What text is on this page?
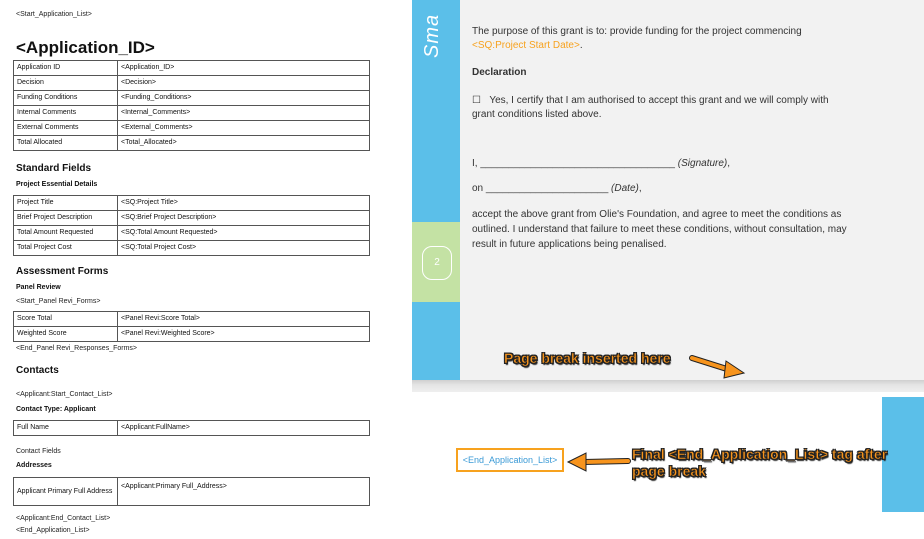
<Start_Application_List>
<Application_ID>
Application ID	<Application_ID>
Decision	<Decision>
Funding Conditions	<Funding_Conditions>
Internal Comments	<Internal_Comments>
External Comments	<External_Comments>
Total Allocated	<Total_Allocated>
Standard Fields
Project Essential Details
Project Title	<SQ:Project Title>
Brief Project Description	<SQ:Brief Project Description>
Total Amount Requested	<SQ:Total Amount Requested>
Total Project Cost	<SQ:Total Project Cost>
Assessment Forms
Panel Review
<Start_Panel Revi_Forms>
Score Total	<Panel Revi:Score Total>
Weighted Score	<Panel Revi:Weighted Score>
<End_Panel Revi_Responses_Forms>
Contacts
<Applicant:Start_Contact_List>
Contact Type: Applicant
Full Name	<Applicant:FullName>
Contact Fields
Addresses
Applicant Primary Full Address	<Applicant:Primary Full_Address>
<Applicant:End_Contact_List>
<End_Application_List>
Sma
2

The purpose of this grant is to: provide funding for the project commencing

<SQ:Project Start Date>.

Declaration

☐ Yes, I certify that I am authorised to accept this grant and we will comply with

grant conditions listed above.

I, ___________________________________ (Signature),

on ______________________ (Date),

accept the above grant from Olie's Foundation, and agree to meet the conditions as

outlined. I understand that failure to meet these conditions, without consultation, may

result in future applications being penalised.

<End_Application_List>
Page break inserted here
Final <End_Application_List> tag after
page break
